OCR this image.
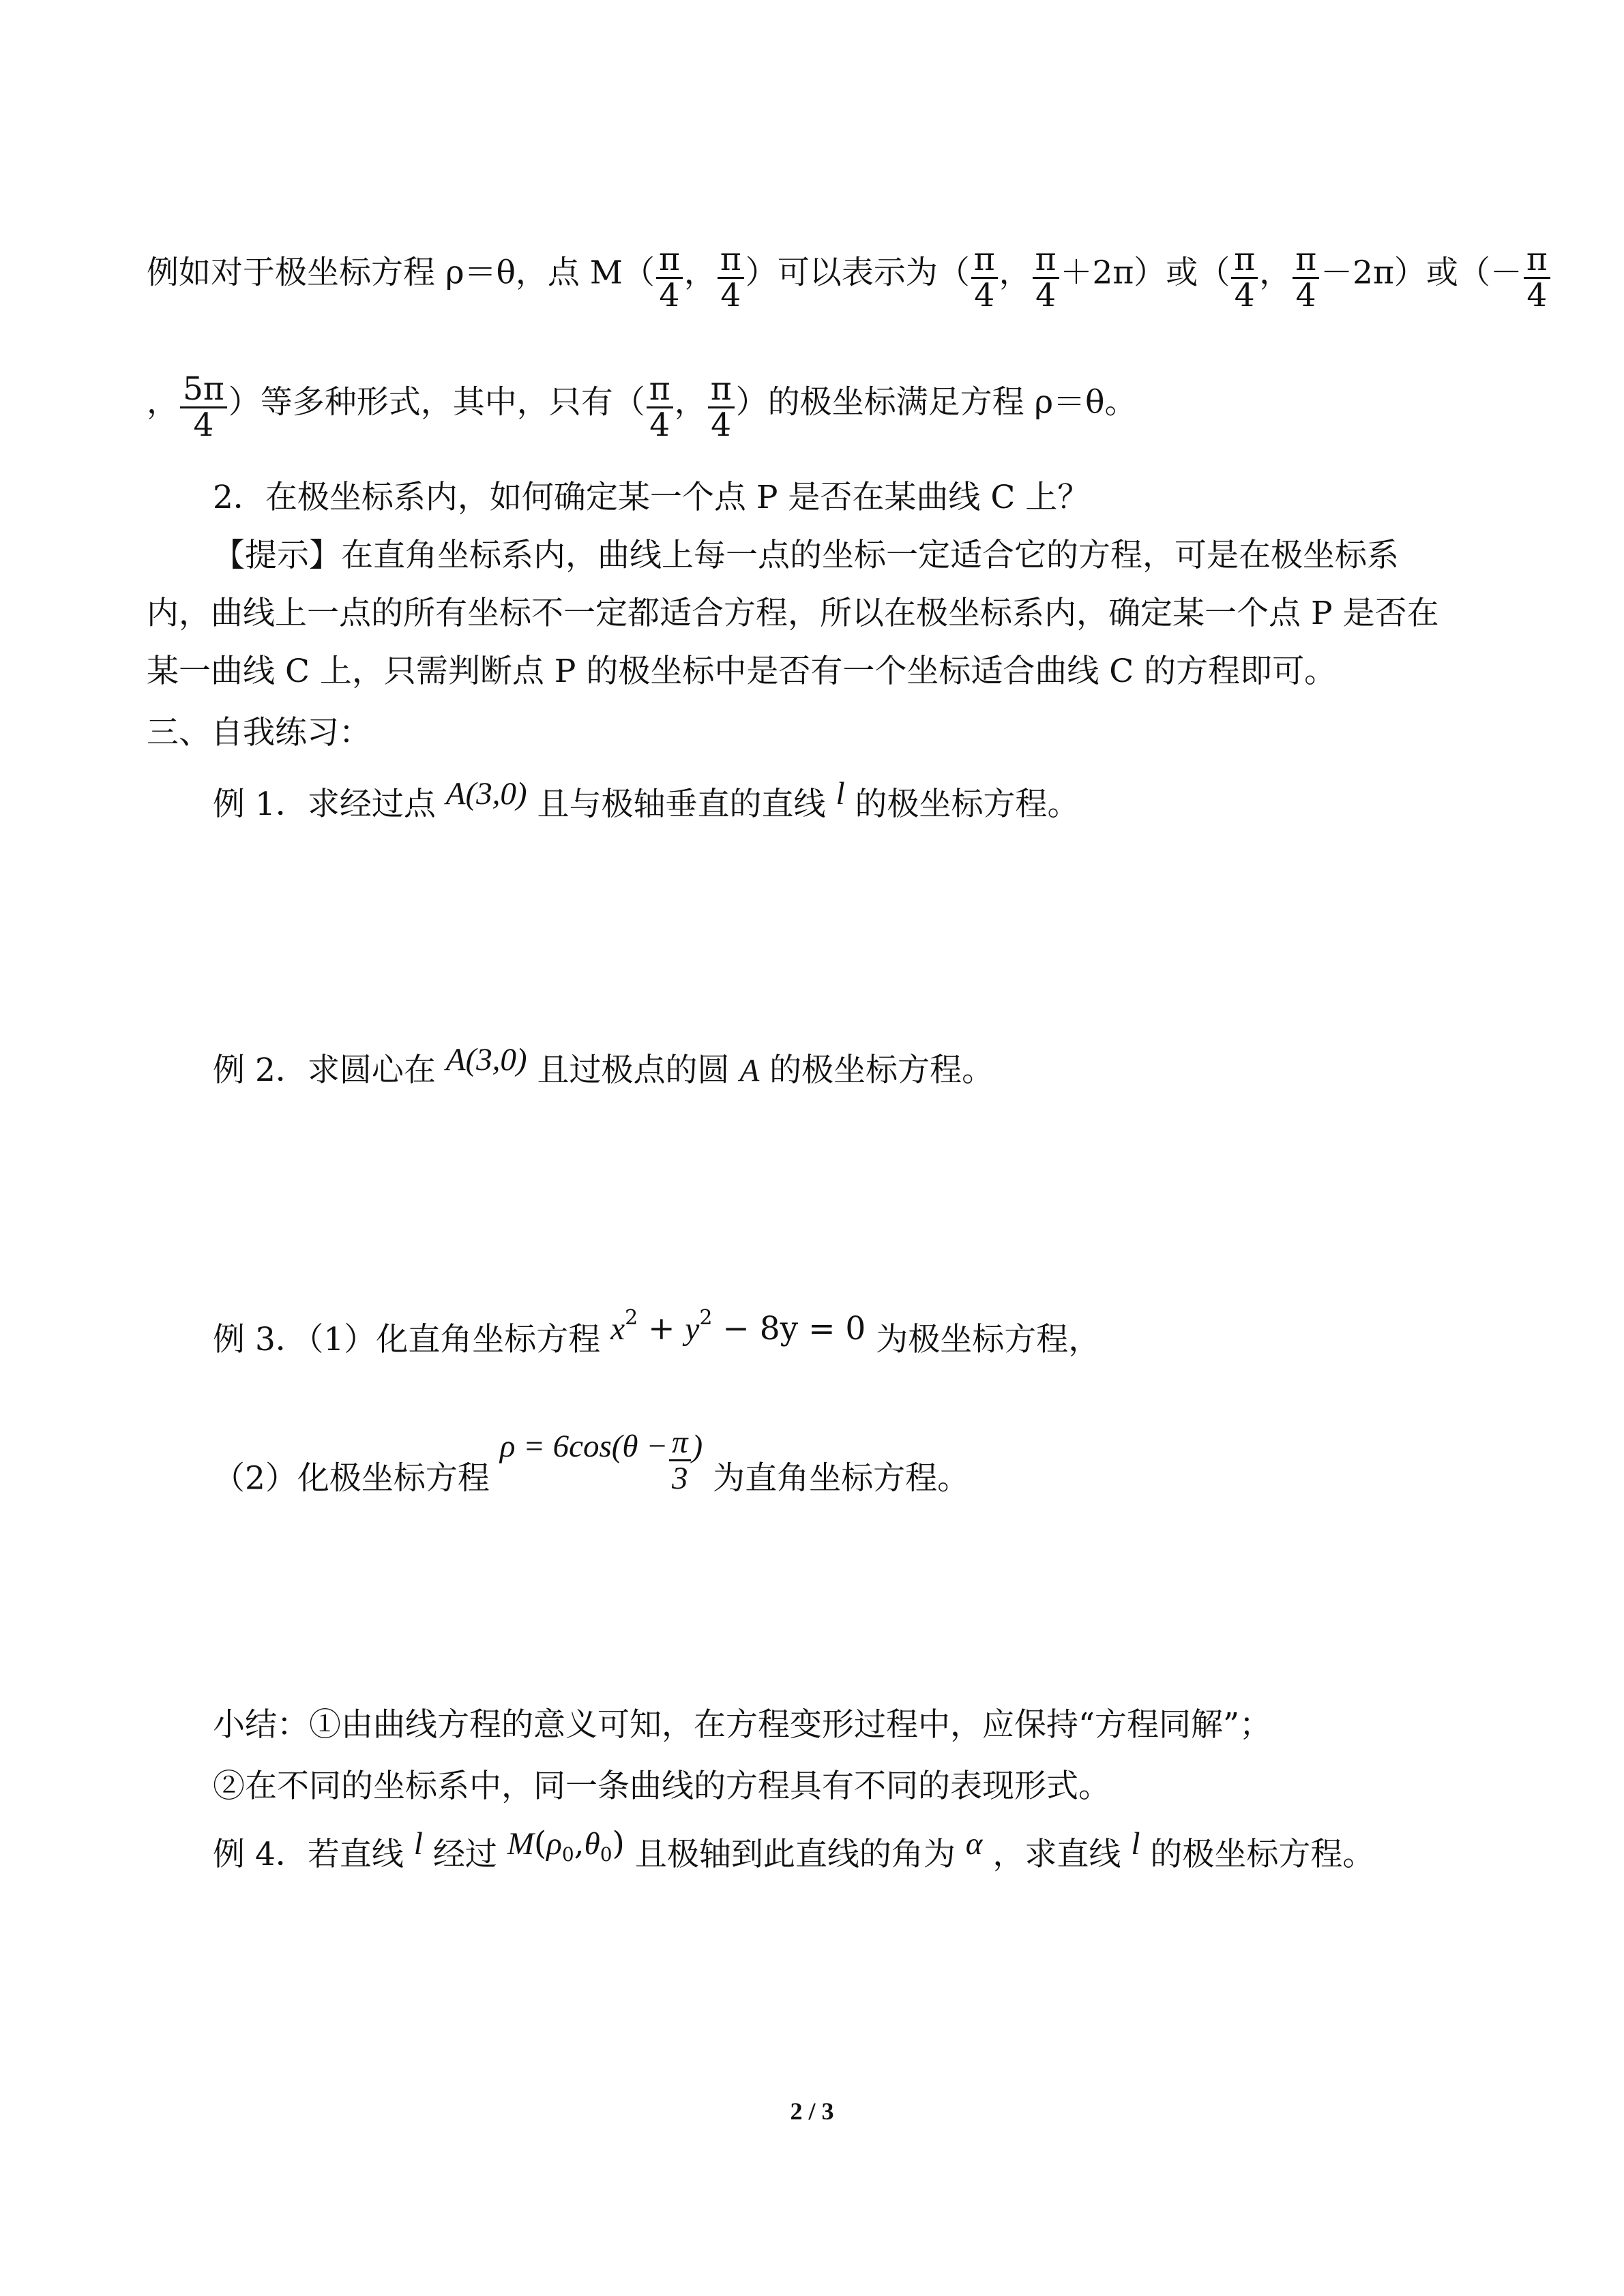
例如对于极坐标方程 ρ＝θ，点 $M( \frac{\pi}{4}$ ， $\frac{\pi}{4}$ ）可以表示为（ $\frac{\pi}{4}$ ， $\frac{\pi}{4} +2\pi$）或（ $\frac{\pi}{4}$ ， $\frac{\pi}{4} -2\pi$）或（－ $\frac{\pi}{4}$
， $\frac{5\pi}{4}$ ）等多种形式，其中，只有（ $\frac{\pi}{4}$ ， $\frac{\pi}{4}$ ）的极坐标满足方程 ρ＝θ。
2．在极坐标系内，如何确定某一个点 P 是否在某曲线 C 上？
【提示】在直角坐标系内，曲线上每一点的坐标一定适合它的方程，可是在极坐标系
内，曲线上一点的所有坐标不一定都适合方程，所以在极坐标系内，确定某一个点 P 是否在
某一曲线 C 上，只需判断点 P 的极坐标中是否有一个坐标适合曲线 C 的方程即可。
三、自我练习：
例 1．求经过点 A(3,0) 且与极轴垂直的直线 l 的极坐标方程。
例 2．求圆心在 A(3,0) 且过极点的圆 A 的极坐标方程。
例 3．（1）化直角坐标方程 $x^2 + y^2 - 8y = 0$ 为极坐标方程，
（2）化极坐标方程 $\rho = 6\cos(\theta - \frac{\pi}{3}$ ) 为直角坐标方程。
小结：①由曲线方程的意义可知，在方程变形过程中，应保持“方程同解”；
②在不同的坐标系中，同一条曲线的方程具有不同的表现形式。
例 4．若直线 l 经过 $M(\rho_0,\theta_0)$ 且极轴到此直线的角为 α ，求直线 l 的极坐标方程。
2 / 3
